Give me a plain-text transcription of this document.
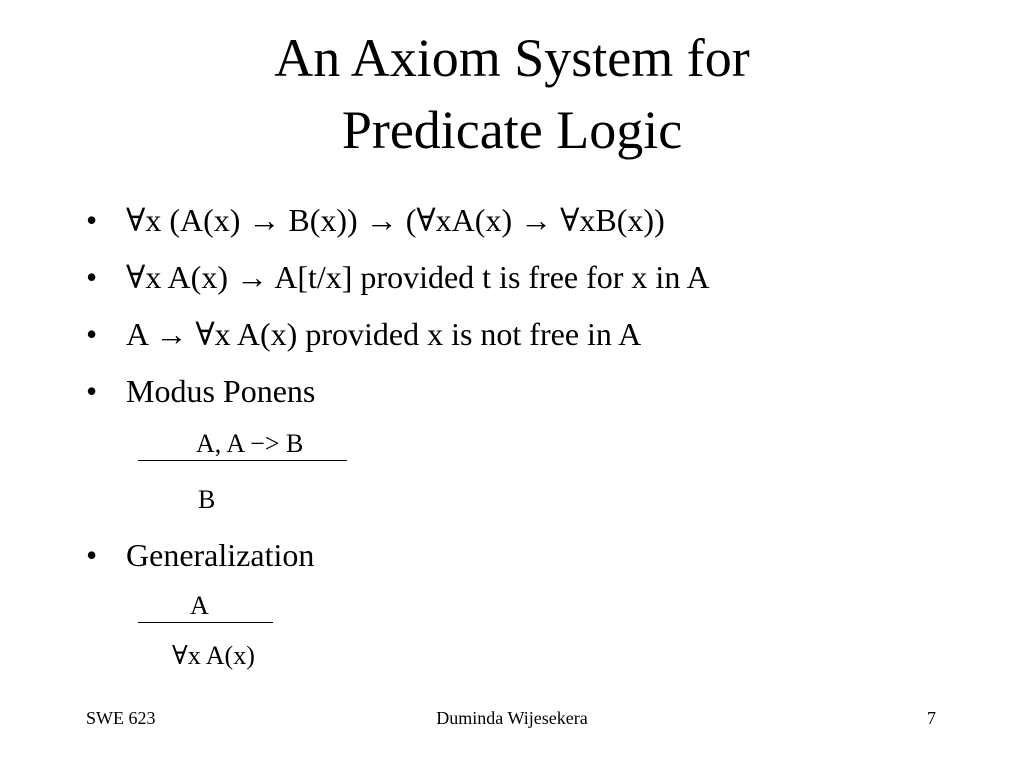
An Axiom System for
Predicate Logic
• ∀x (A(x) → B(x)) → (∀xA(x) → ∀xB(x))
• ∀x A(x) → A[t/x] provided t is free for x in A
• A → ∀x A(x) provided x is not free in A
• Modus Ponens
A, A −> B
B
• Generalization
A
∀x A(x)
SWE 623	Duminda Wijesekera	7
